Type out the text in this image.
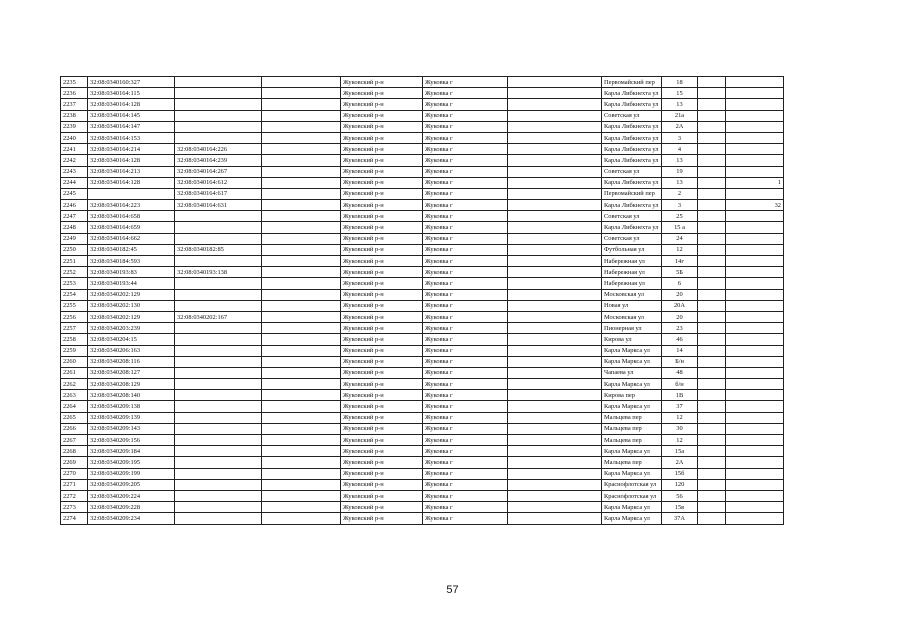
2235	32:08:0340160:327			Жуковский р-н	Жуковка г		Первомайский пер	18		
2236	32:08:0340164:115			Жуковский р-н	Жуковка г		Карла Либкнехта ул	15		
2237	32:08:0340164:128			Жуковский р-н	Жуковка г		Карла Либкнехта ул	13		
2238	32:08:0340164:145			Жуковский р-н	Жуковка г		Советская ул	21а		
2239	32:08:0340164:147			Жуковский р-н	Жуковка г		Карла Либкнехта ул	2А		
2240	32:08:0340164:153			Жуковский р-н	Жуковка г		Карла Либкнехта ул	3		
2241	32:08:0340164:214	32:08:0340164:226		Жуковский р-н	Жуковка г		Карла Либкнехта ул	4		
2242	32:08:0340164:128	32:08:0340164:239		Жуковский р-н	Жуковка г		Карла Либкнехта ул	13		
2243	32:08:0340164:213	32:08:0340164:267		Жуковский р-н	Жуковка г		Советская ул	19		
2244	32:08:0340164:128	32:08:0340164:612		Жуковский р-н	Жуковка г		Карла Либкнехта ул	13		1
2245		32:08:0340164:617		Жуковский р-н	Жуковка г		Первомайский пер	2		
2246	32:08:0340164:223	32:08:0340164:631		Жуковский р-н	Жуковка г		Карла Либкнехта ул	3		32
2247	32:08:0340164:658			Жуковский р-н	Жуковка г		Советская ул	25		
2248	32:08:0340164:659			Жуковский р-н	Жуковка г		Карла Либкнехта ул	15 а		
2249	32:08:0340164:662			Жуковский р-н	Жуковка г		Советская ул	24		
2250	32:08:0340182:45	32:08:0340182:85		Жуковский р-н	Жуковка г		Футбольная ул	12		
2251	32:08:0340184:593			Жуковский р-н	Жуковка г		Набережная ул	14г		
2252	32:08:0340193:83	32:08:0340193:138		Жуковский р-н	Жуковка г		Набережная ул	5Б		
2253	32:08:0340193:44			Жуковский р-н	Жуковка г		Набережная ул	6		
2254	32:08:0340202:129			Жуковский р-н	Жуковка г		Московская ул	20		
2255	32:08:0340202:130			Жуковский р-н	Жуковка г		Новая ул	20А		
2256	32:08:0340202:129	32:08:0340202:167		Жуковский р-н	Жуковка г		Московская ул	20		
2257	32:08:0340203:239			Жуковский р-н	Жуковка г		Пионерная ул	23		
2258	32:08:0340204:15			Жуковский р-н	Жуковка г		Кирова ул	46		
2259	32:08:0340206:163			Жуковский р-н	Жуковка г		Карла Маркса ул	14		
2260	32:08:0340208:116			Жуковский р-н	Жуковка г		Карла Маркса ул	Б/н		
2261	32:08:0340208:127			Жуковский р-н	Жуковка г		Чапаева ул	48		
2262	32:08:0340208:129			Жуковский р-н	Жуковка г		Карла Маркса ул	б/н		
2263	32:08:0340208:140			Жуковский р-н	Жуковка г		Кирова пер	1В		
2264	32:08:0340209:138			Жуковский р-н	Жуковка г		Карла Маркса ул	37		
2265	32:08:0340209:139			Жуковский р-н	Жуковка г		Мальцева пер	12		
2266	32:08:0340209:143			Жуковский р-н	Жуковка г		Мальцева пер	30		
2267	32:08:0340209:156			Жуковский р-н	Жуковка г		Мальцева пер	12		
2268	32:08:0340209:184			Жуковский р-н	Жуковка г		Карла Маркса ул	15а		
2269	32:08:0340209:195			Жуковский р-н	Жуковка г		Мальцева пер	2А		
2270	32:08:0340209:199			Жуковский р-н	Жуковка г		Карла Маркса ул	15б		
2271	32:08:0340209:205			Жуковский р-н	Жуковка г		Краснофлотская ул	120		
2272	32:08:0340209:224			Жуковский р-н	Жуковка г		Краснофлотская ул	56		
2273	32:08:0340209:228			Жуковский р-н	Жуковка г		Карла Маркса ул	15в		
2274	32:08:0340209:234			Жуковский р-н	Жуковка г		Карла Маркса ул	37А		
57
